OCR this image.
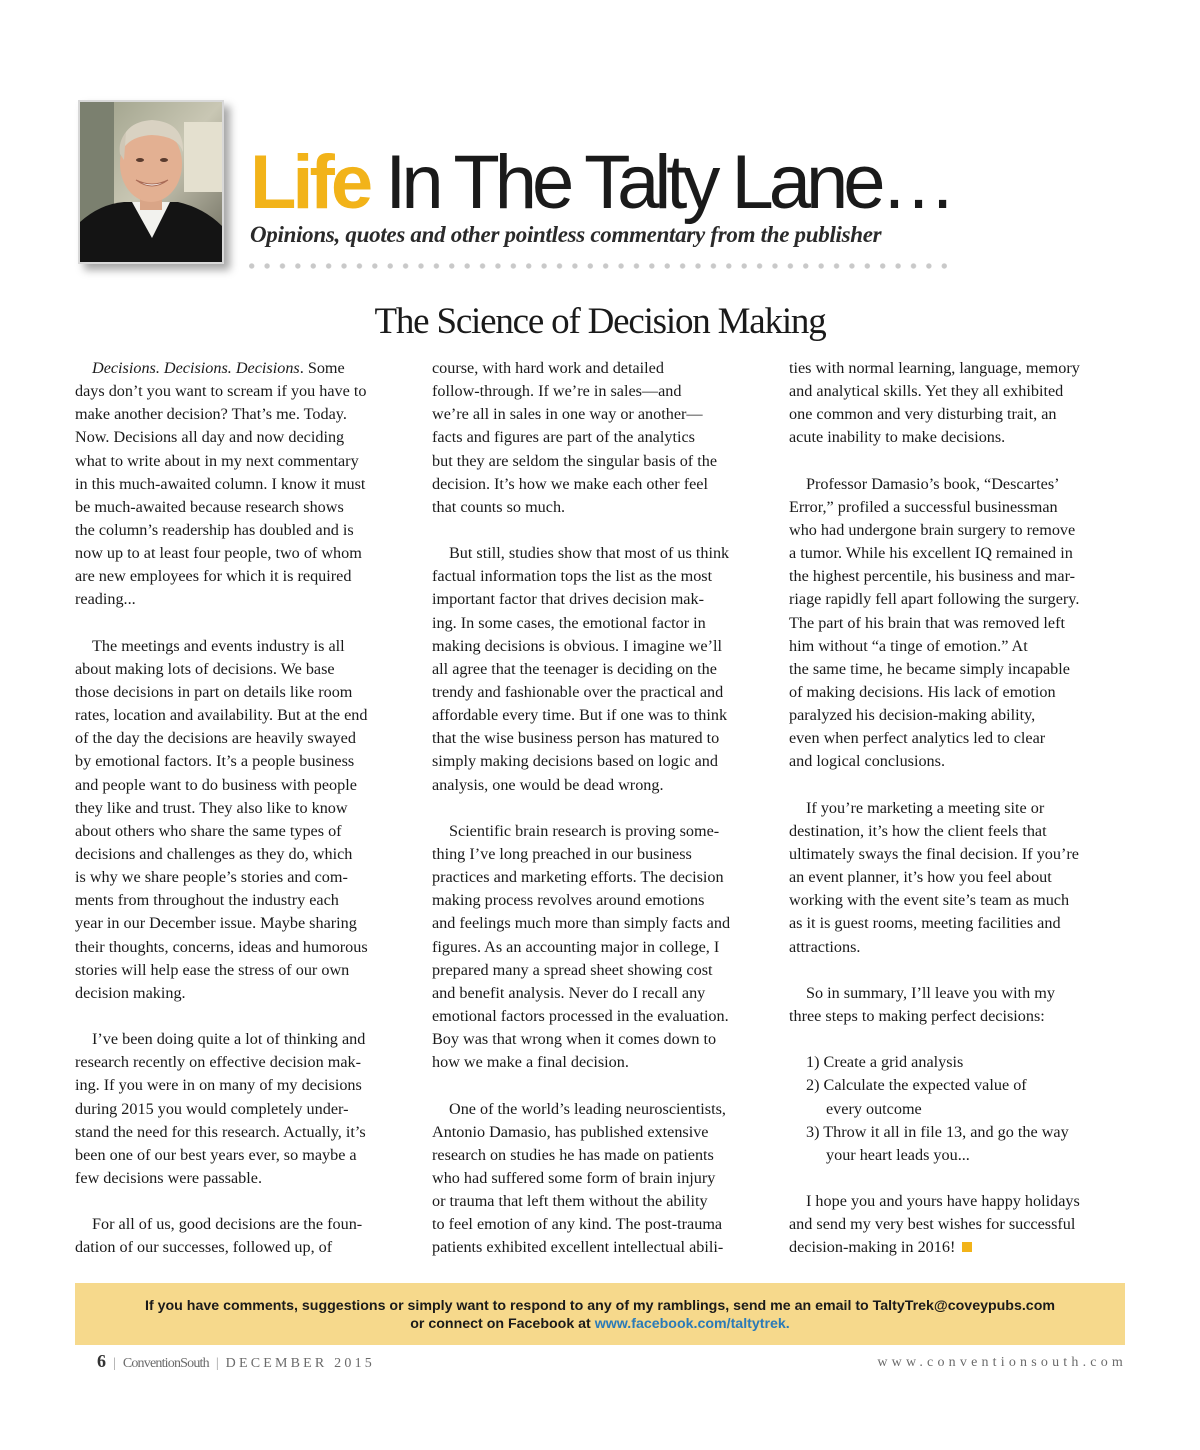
Life In The Talty Lane…
Opinions, quotes and other pointless commentary from the publisher
The Science of Decision Making
Decisions. Decisions. Decisions. Some
days don’t you want to scream if you have to
make another decision? That’s me. Today.
Now. Decisions all day and now deciding
what to write about in my next commentary
in this much-awaited column. I know it must
be much-awaited because research shows
the column’s readership has doubled and is
now up to at least four people, two of whom
are new employees for which it is required
reading...
The meetings and events industry is all
about making lots of decisions. We base
those decisions in part on details like room
rates, location and availability. But at the end
of the day the decisions are heavily swayed
by emotional factors. It’s a people business
and people want to do business with people
they like and trust. They also like to know
about others who share the same types of
decisions and challenges as they do, which
is why we share people’s stories and com-
ments from throughout the industry each
year in our December issue. Maybe sharing
their thoughts, concerns, ideas and humorous
stories will help ease the stress of our own
decision making.
I’ve been doing quite a lot of thinking and
research recently on effective decision mak-
ing. If you were in on many of my decisions
during 2015 you would completely under-
stand the need for this research. Actually, it’s
been one of our best years ever, so maybe a
few decisions were passable.
For all of us, good decisions are the foun-
dation of our successes, followed up, of
course, with hard work and detailed
follow-through. If we’re in sales—and
we’re all in sales in one way or another—
facts and figures are part of the analytics
but they are seldom the singular basis of the
decision. It’s how we make each other feel
that counts so much.
But still, studies show that most of us think
factual information tops the list as the most
important factor that drives decision mak-
ing. In some cases, the emotional factor in
making decisions is obvious. I imagine we’ll
all agree that the teenager is deciding on the
trendy and fashionable over the practical and
affordable every time. But if one was to think
that the wise business person has matured to
simply making decisions based on logic and
analysis, one would be dead wrong.
Scientific brain research is proving some-
thing I’ve long preached in our business
practices and marketing efforts. The decision
making process revolves around emotions
and feelings much more than simply facts and
figures. As an accounting major in college, I
prepared many a spread sheet showing cost
and benefit analysis. Never do I recall any
emotional factors processed in the evaluation.
Boy was that wrong when it comes down to
how we make a final decision.
One of the world’s leading neuroscientists,
Antonio Damasio, has published extensive
research on studies he has made on patients
who had suffered some form of brain injury
or trauma that left them without the ability
to feel emotion of any kind. The post-trauma
patients exhibited excellent intellectual abili-
ties with normal learning, language, memory
and analytical skills. Yet they all exhibited
one common and very disturbing trait, an
acute inability to make decisions.
Professor Damasio’s book, “Descartes’
Error,” profiled a successful businessman
who had undergone brain surgery to remove
a tumor. While his excellent IQ remained in
the highest percentile, his business and mar-
riage rapidly fell apart following the surgery.
The part of his brain that was removed left
him without “a tinge of emotion.” At
the same time, he became simply incapable
of making decisions. His lack of emotion
paralyzed his decision-making ability,
even when perfect analytics led to clear
and logical conclusions.
If you’re marketing a meeting site or
destination, it’s how the client feels that
ultimately sways the final decision. If you’re
an event planner, it’s how you feel about
working with the event site’s team as much
as it is guest rooms, meeting facilities and
attractions.
So in summary, I’ll leave you with my
three steps to making perfect decisions:
1) Create a grid analysis
2) Calculate the expected value of
every outcome
3) Throw it all in file 13, and go the way
your heart leads you...
I hope you and yours have happy holidays
and send my very best wishes for successful
decision-making in 2016!
If you have comments, suggestions or simply want to respond to any of my ramblings, send me an email to TaltyTrek@coveypubs.com
or connect on Facebook at www.facebook.com/taltytrek.
6 | ConventionSouth | DECEMBER 2015	www.conventionsouth.com
